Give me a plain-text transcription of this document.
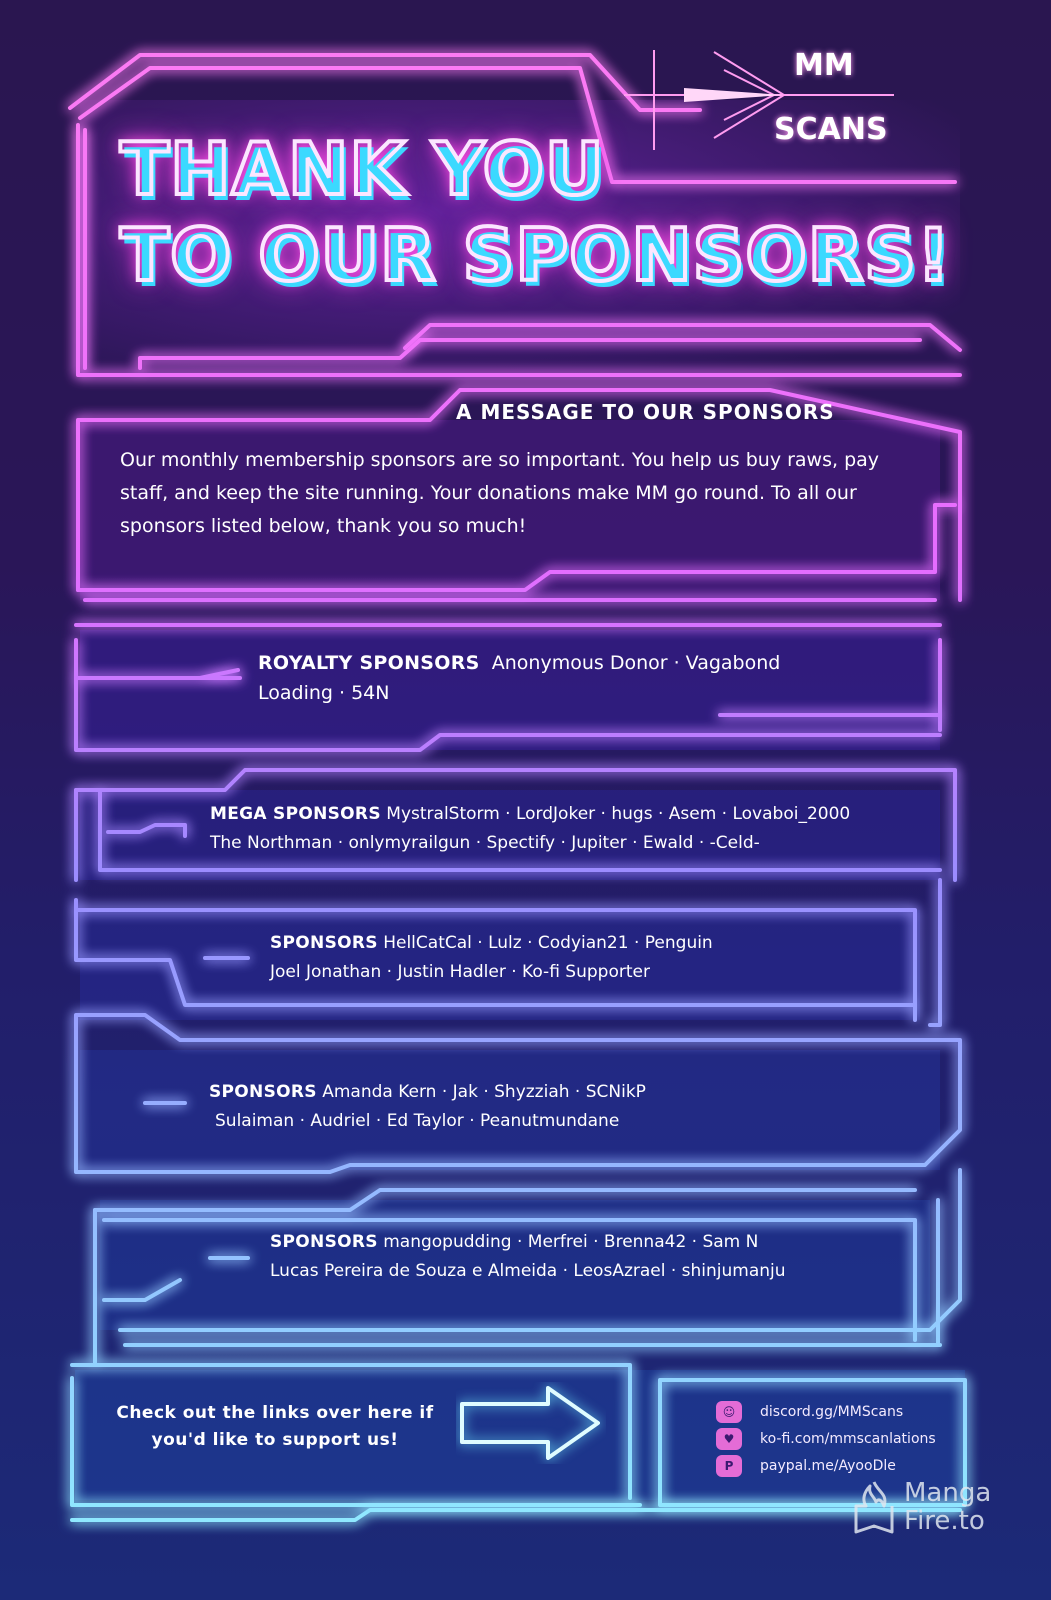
THANK YOU
TO OUR SPONSORS!
MM
SCANS
A MESSAGE TO OUR SPONSORS
Our monthly membership sponsors are so important. You help us buy raws, pay staff, and keep the site running. Your donations make MM go round. To all our sponsors listed below, thank you so much!
ROYALTY SPONSORS Anonymous Donor · Vagabond
Loading · 54N
MEGA SPONSORS MystralStorm · LordJoker · hugs · Asem · Lovaboi_2000
The Northman · onlymyrailgun · Spectify · Jupiter · Ewald · -Celd-
SPONSORS HellCatCal · Lulz · Codyian21 · Penguin
Joel Jonathan · Justin Hadler · Ko-fi Supporter
SPONSORS Amanda Kern · Jak · Shyzziah · SCNikP
Sulaiman · Audriel · Ed Taylor · Peanutmundane
SPONSORS mangopudding · Merfrei · Brenna42 · Sam N
Lucas Pereira de Souza e Almeida · LeosAzrael · shinjumanju
Check out the links over here if you'd like to support us!
☺	discord.gg/MMScans
♥	ko-fi.com/mmscanlations
P	paypal.me/AyooDle
Manga
Fire.to
